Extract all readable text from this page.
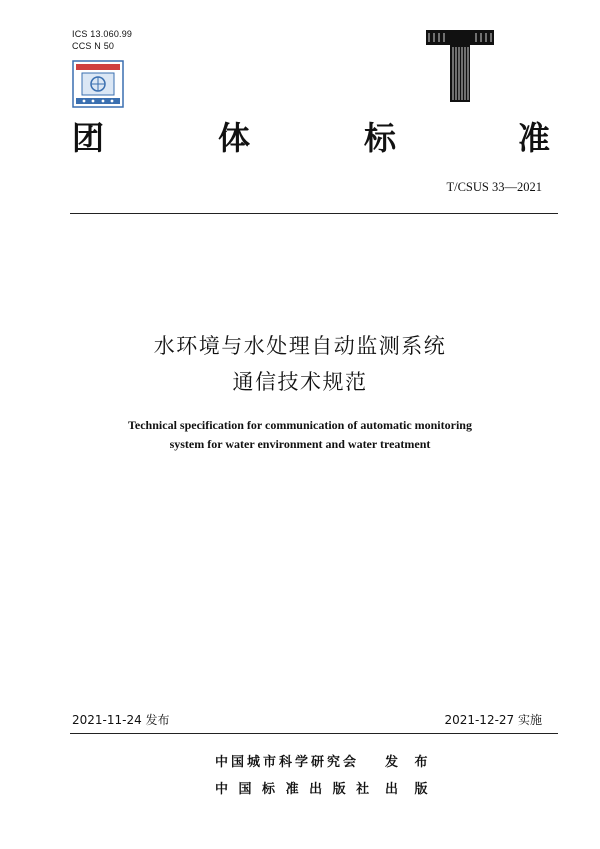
ICS 13.060.99
CCS N 50
团	体	标	准
T/CSUS 33—2021
水环境与水处理自动监测系统
通信技术规范
Technical specification for communication of automatic monitoring
system for water environment and water treatment
2021-11-24 发布	2021-12-27 实施
中国城市科学研究会 发 布
中 国 标 准 出 版 社 出 版
